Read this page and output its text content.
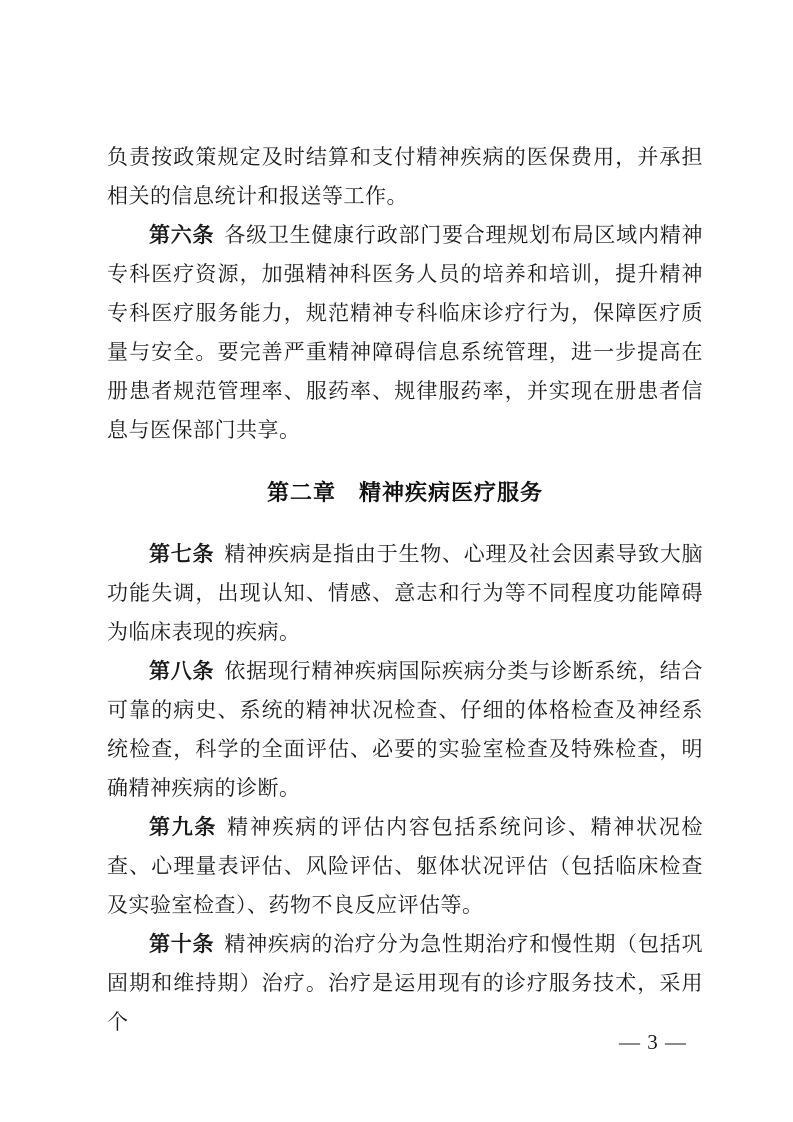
负责按政策规定及时结算和支付精神疾病的医保费用，并承担相关的信息统计和报送等工作。

第六条 各级卫生健康行政部门要合理规划布局区域内精神专科医疗资源，加强精神科医务人员的培养和培训，提升精神专科医疗服务能力，规范精神专科临床诊疗行为，保障医疗质量与安全。要完善严重精神障碍信息系统管理，进一步提高在册患者规范管理率、服药率、规律服药率，并实现在册患者信息与医保部门共享。

第二章　精神疾病医疗服务

第七条 精神疾病是指由于生物、心理及社会因素导致大脑功能失调，出现认知、情感、意志和行为等不同程度功能障碍为临床表现的疾病。

第八条 依据现行精神疾病国际疾病分类与诊断系统，结合可靠的病史、系统的精神状况检查、仔细的体格检查及神经系统检查，科学的全面评估、必要的实验室检查及特殊检查，明确精神疾病的诊断。

第九条 精神疾病的评估内容包括系统问诊、精神状况检查、心理量表评估、风险评估、躯体状况评估（包括临床检查及实验室检查）、药物不良反应评估等。

第十条 精神疾病的治疗分为急性期治疗和慢性期（包括巩固期和维持期）治疗。治疗是运用现有的诊疗服务技术，采用个

— 3 —
